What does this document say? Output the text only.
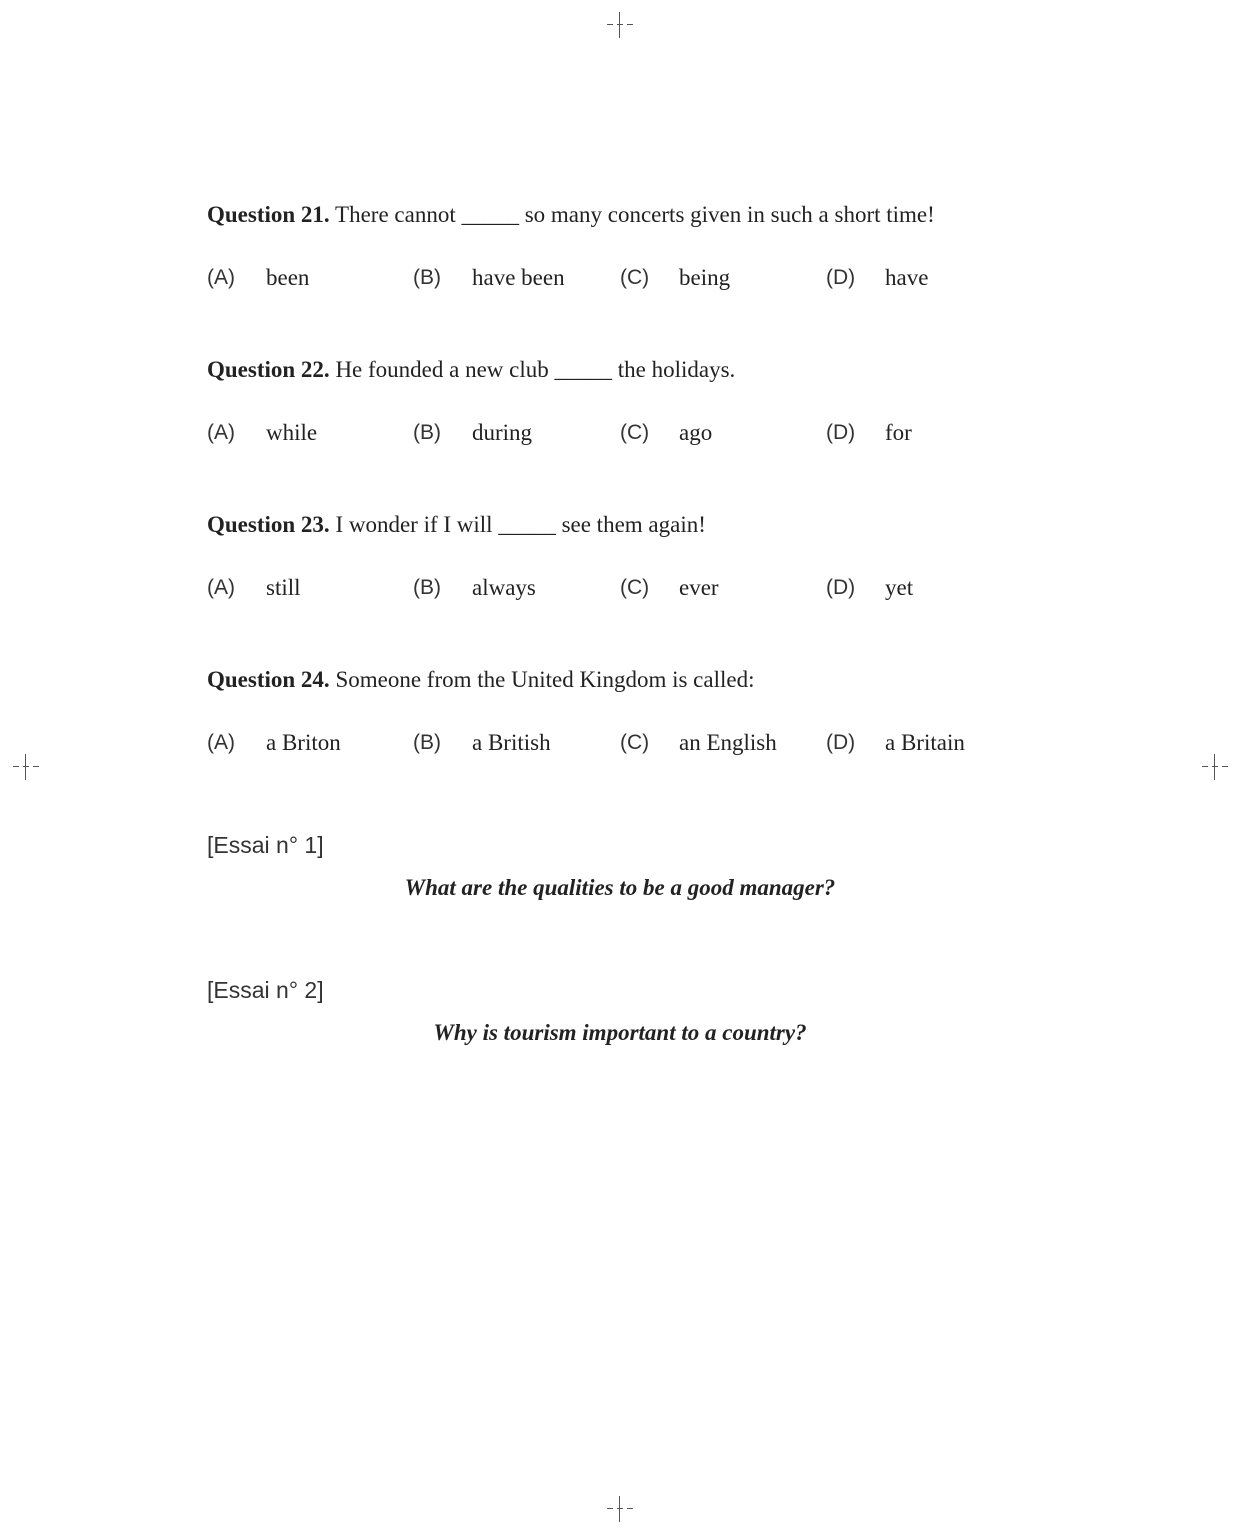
Question 21. There cannot _____ so many concerts given in such a short time!
(A) been	(B) have been	(C) being	(D) have
Question 22. He founded a new club _____ the holidays.
(A) while	(B) during	(C) ago	(D) for
Question 23. I wonder if I will _____ see them again!
(A) still	(B) always	(C) ever	(D) yet
Question 24. Someone from the United Kingdom is called:
(A) a Briton	(B) a British	(C) an English (D) a Britain
[Essai n° 1]
What are the qualities to be a good manager?
[Essai n° 2]
Why is tourism important to a country?
